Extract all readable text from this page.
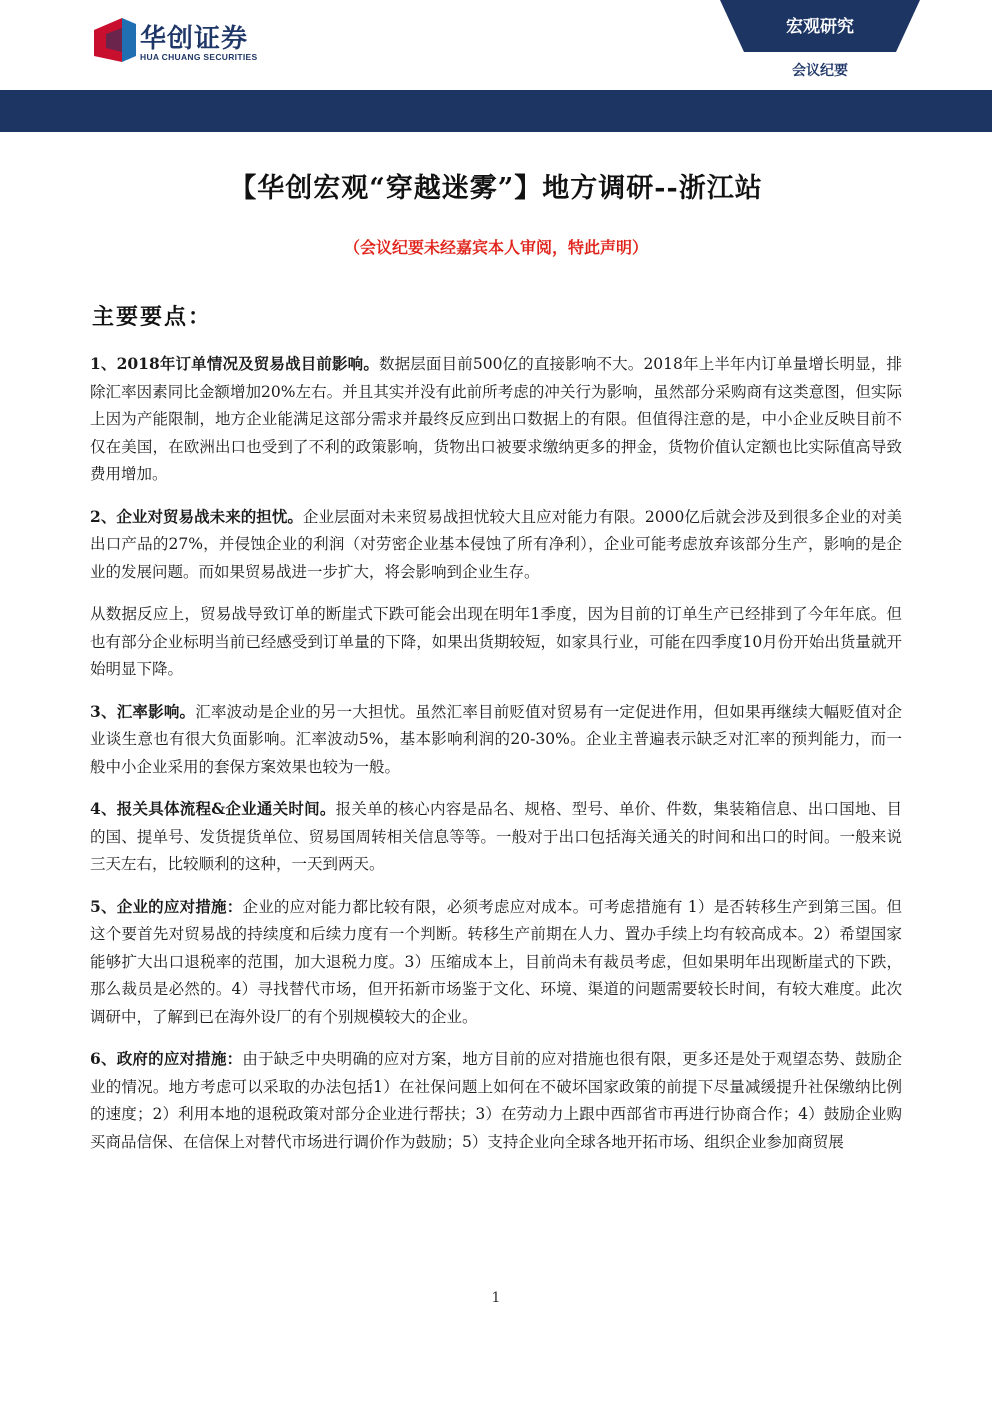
华创证券
HUA CHUANG SECURITIES
宏观研究
会议纪要
【华创宏观“穿越迷雾”】地方调研--浙江站
（会议纪要未经嘉宾本人审阅，特此声明）
主要要点：

1、2018年订单情况及贸易战目前影响。数据层面目前500亿的直接影响不大。2018年上半年内订单量增长明显，排除汇率因素同比金额增加20%左右。并且其实并没有此前所考虑的冲关行为影响，虽然部分采购商有这类意图，但实际上因为产能限制，地方企业能满足这部分需求并最终反应到出口数据上的有限。但值得注意的是，中小企业反映目前不仅在美国，在欧洲出口也受到了不利的政策影响，货物出口被要求缴纳更多的押金，货物价值认定额也比实际值高导致费用增加。

2、企业对贸易战未来的担忧。企业层面对未来贸易战担忧较大且应对能力有限。2000亿后就会涉及到很多企业的对美出口产品的27%，并侵蚀企业的利润（对劳密企业基本侵蚀了所有净利），企业可能考虑放弃该部分生产，影响的是企业的发展问题。而如果贸易战进一步扩大，将会影响到企业生存。

从数据反应上，贸易战导致订单的断崖式下跌可能会出现在明年1季度，因为目前的订单生产已经排到了今年年底。但也有部分企业标明当前已经感受到订单量的下降，如果出货期较短，如家具行业，可能在四季度10月份开始出货量就开始明显下降。

3、汇率影响。汇率波动是企业的另一大担忧。虽然汇率目前贬值对贸易有一定促进作用，但如果再继续大幅贬值对企业谈生意也有很大负面影响。汇率波动5%，基本影响利润的20-30%。企业主普遍表示缺乏对汇率的预判能力，而一般中小企业采用的套保方案效果也较为一般。

4、报关具体流程&企业通关时间。报关单的核心内容是品名、规格、型号、单价、件数，集装箱信息、出口国地、目的国、提单号、发货提货单位、贸易国周转相关信息等等。一般对于出口包括海关通关的时间和出口的时间。一般来说三天左右，比较顺利的这种，一天到两天。

5、企业的应对措施：企业的应对能力都比较有限，必须考虑应对成本。可考虑措施有 1）是否转移生产到第三国。但这个要首先对贸易战的持续度和后续力度有一个判断。转移生产前期在人力、置办手续上均有较高成本。2）希望国家能够扩大出口退税率的范围，加大退税力度。3）压缩成本上，目前尚未有裁员考虑，但如果明年出现断崖式的下跌，那么裁员是必然的。4）寻找替代市场，但开拓新市场鉴于文化、环境、渠道的问题需要较长时间，有较大难度。此次调研中，了解到已在海外设厂的有个别规模较大的企业。

6、政府的应对措施：由于缺乏中央明确的应对方案，地方目前的应对措施也很有限，更多还是处于观望态势、鼓励企业的情况。地方考虑可以采取的办法包括1）在社保问题上如何在不破坏国家政策的前提下尽量减缓提升社保缴纳比例的速度；2）利用本地的退税政策对部分企业进行帮扶；3）在劳动力上跟中西部省市再进行协商合作；4）鼓励企业购买商品信保、在信保上对替代市场进行调价作为鼓励；5）支持企业向全球各地开拓市场、组织企业参加商贸展

1
